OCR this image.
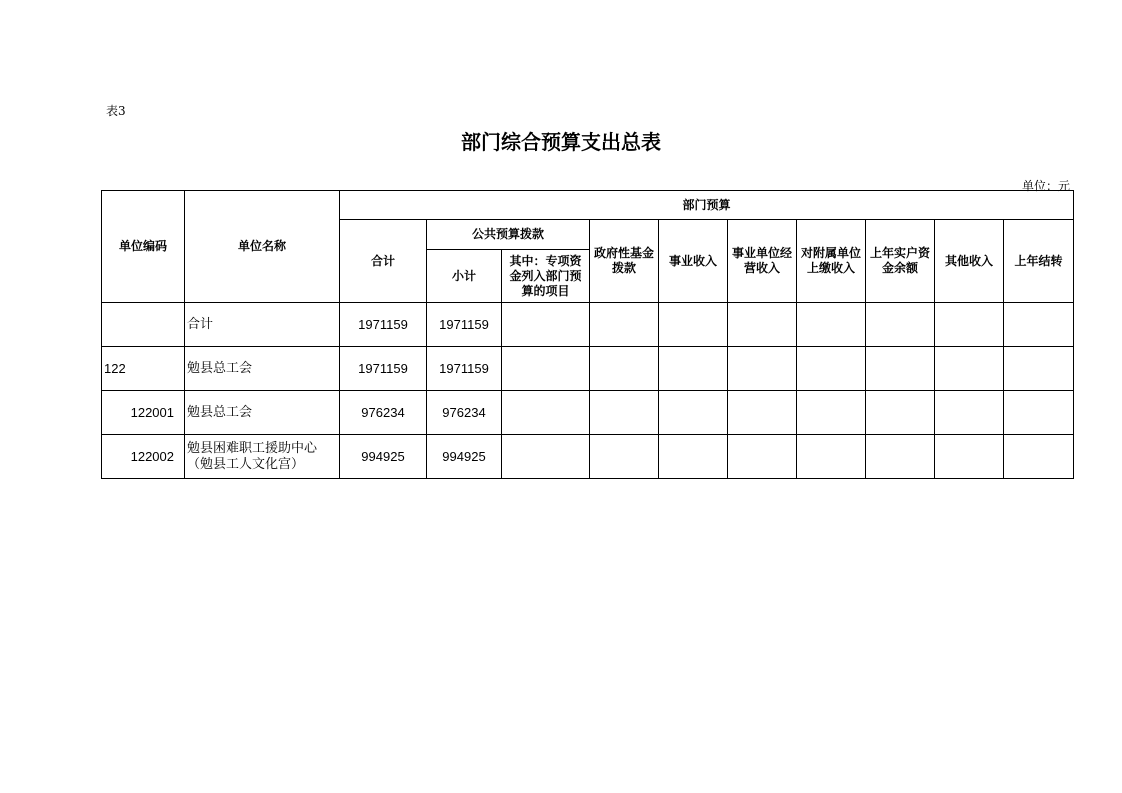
表3
部门综合预算支出总表
单位：元
单位编码	单位名称	部门预算									
		合计	公共预算拨款		政府性基金拨款	事业收入	事业单位经营收入	对附属单位上缴收入	上年实户资金余额	其他收入	上年结转
			小计	其中：专项资金列入部门预算的项目							
	合计	1971159	1971159								
122	勉县总工会	1971159	1971159								
122001	勉县总工会	976234	976234								
122002	勉县困难职工援助中心（勉县工人文化宫）	994925	994925								
